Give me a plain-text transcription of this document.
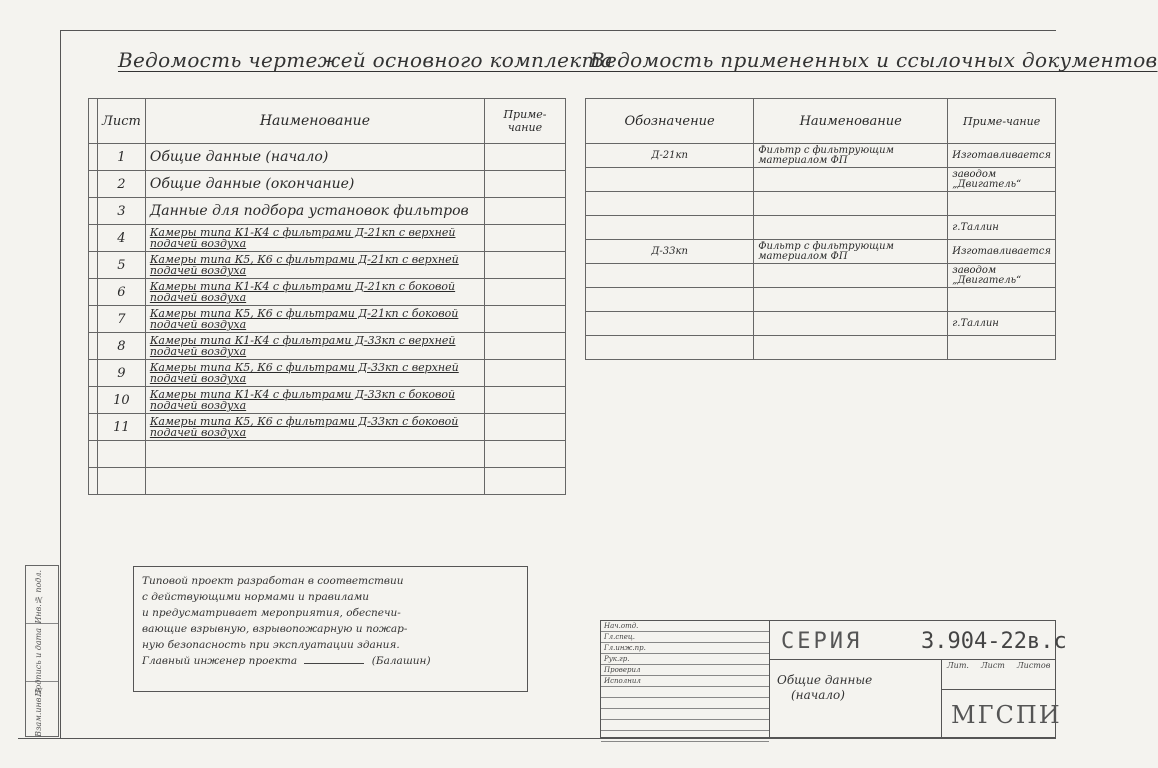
Ведомость чертежей основного комплекта
Ведомость примененных и ссылочных документов
	Лист	Наименование	Приме-чание
	1	Общие данные (начало)	
	2	Общие данные (окончание)	
	3	Данные для подбора установок фильтров	
	4	Камеры типа К1-К4 с фильтрами Д-21кп с верхней подачей воздуха	
	5	Камеры типа К5, К6 с фильтрами Д-21кп с верхней подачей воздуха	
	6	Камеры типа К1-К4 с фильтрами Д-21кп с боковой подачей воздуха	
	7	Камеры типа К5, К6 с фильтрами Д-21кп с боковой подачей воздуха	
	8	Камеры типа К1-К4 с фильтрами Д-33кп с верхней подачей воздуха	
	9	Камеры типа К5, К6 с фильтрами Д-33кп с верхней подачей воздуха	
	10	Камеры типа К1-К4 с фильтрами Д-33кп с боковой подачей воздуха	
	11	Камеры типа К5, К6 с фильтрами Д-33кп с боковой подачей воздуха	

Обозначение	Наименование	Приме-чание
Д-21кп	Фильтр с фильтрующим материалом ФП	Изготавливается
		заводом „Двигатель“

		г.Таллин
Д-33кп	Фильтр с фильтрующим материалом ФП	Изготавливается
		заводом „Двигатель“

		г.Таллин

Типовой проект разработан в соответствии
с действующими нормами и правилами
и предусматривает мероприятия, обеспечи-
вающие взрывную, взрывопожарную и пожар-
ную безопасность при эксплуатации здания.
Главный инженер проекта	(Балашин)
Нач.отд.
Гл.спец.
Гл.инж.пр.
Рук.гр.
Проверил
Исполнил
СЕРИЯ	3.904-22в.с
Общие данные
(начало)
Лит. Лист Листов
МГСПИ
Инв.№ подл.
Подпись и дата
Взам.инв.№
